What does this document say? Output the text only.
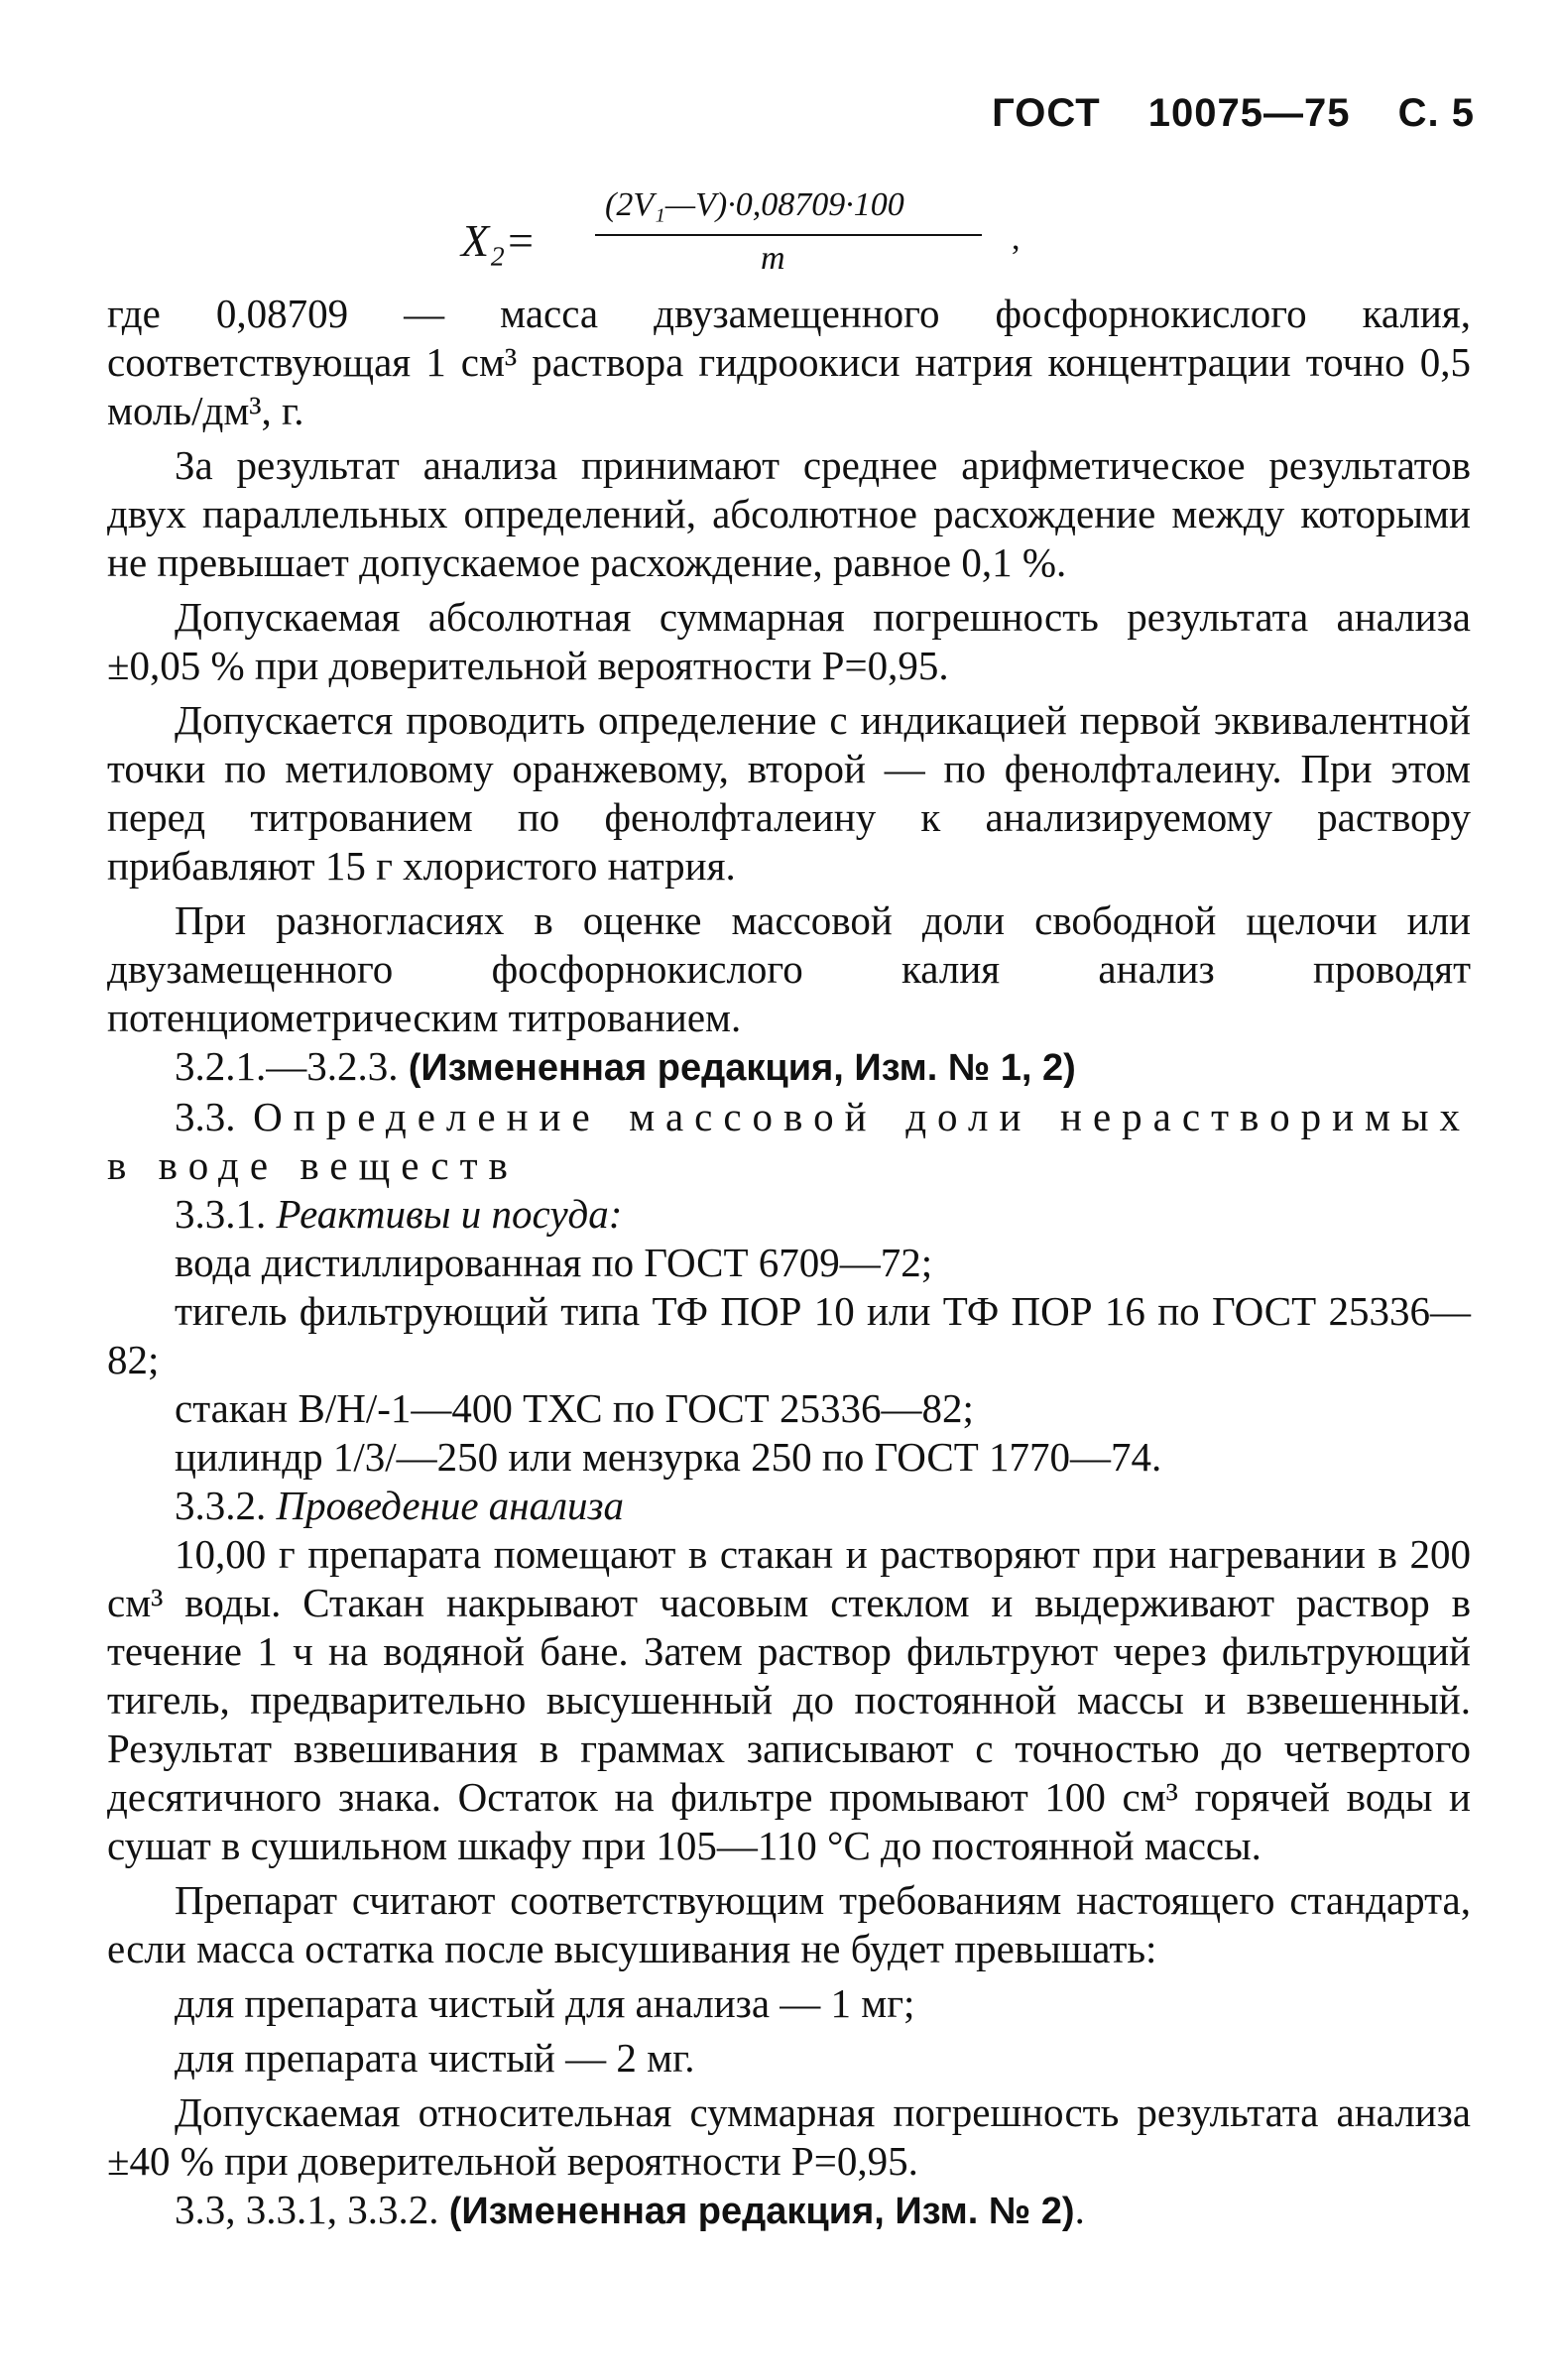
ГОСТ 10075—75 С. 5
X₂=
(2V₁—V)·0,08709·100
m
,

где 0,08709 — масса двузамещенного фосфорнокислого калия, соответствующая 1 см³ раствора гидроокиси натрия концентрации точно 0,5 моль/дм³, г.

За результат анализа принимают среднее арифметическое результатов двух параллельных определений, абсолютное расхождение между которыми не превышает допускаемое расхождение, равное 0,1 %.

Допускаемая абсолютная суммарная погрешность результата анализа ±0,05 % при доверительной вероятности P=0,95.

Допускается проводить определение с индикацией первой эквивалентной точки по метиловому оранжевому, второй — по фенолфталеину. При этом перед титрованием по фенолфталеину к анализируемому раствору прибавляют 15 г хлористого натрия.

При разногласиях в оценке массовой доли свободной щелочи или двузамещенного фосфорнокислого калия анализ проводят потенциометрическим титрованием.

3.2.1.—3.2.3. (Измененная редакция, Изм. № 1, 2)

3.3. Определение массовой доли нерастворимых в воде веществ

3.3.1. Реактивы и посуда:

вода дистиллированная по ГОСТ 6709—72;

тигель фильтрующий типа ТФ ПОР 10 или ТФ ПОР 16 по ГОСТ 25336—82;

стакан В/Н/-1—400 ТХС по ГОСТ 25336—82;

цилиндр 1/3/—250 или мензурка 250 по ГОСТ 1770—74.

3.3.2. Проведение анализа

10,00 г препарата помещают в стакан и растворяют при нагревании в 200 см³ воды. Стакан накрывают часовым стеклом и выдерживают раствор в течение 1 ч на водяной бане. Затем раствор фильтруют через фильтрующий тигель, предварительно высушенный до постоянной массы и взвешенный. Результат взвешивания в граммах записывают с точностью до четвертого десятичного знака. Остаток на фильтре промывают 100 см³ горячей воды и сушат в сушильном шкафу при 105—110 °С до постоянной массы.

Препарат считают соответствующим требованиям настоящего стандарта, если масса остатка после высушивания не будет превышать:

для препарата чистый для анализа — 1 мг;

для препарата чистый — 2 мг.

Допускаемая относительная суммарная погрешность результата анализа ±40 % при доверительной вероятности P=0,95.

3.3, 3.3.1, 3.3.2. (Измененная редакция, Изм. № 2).
